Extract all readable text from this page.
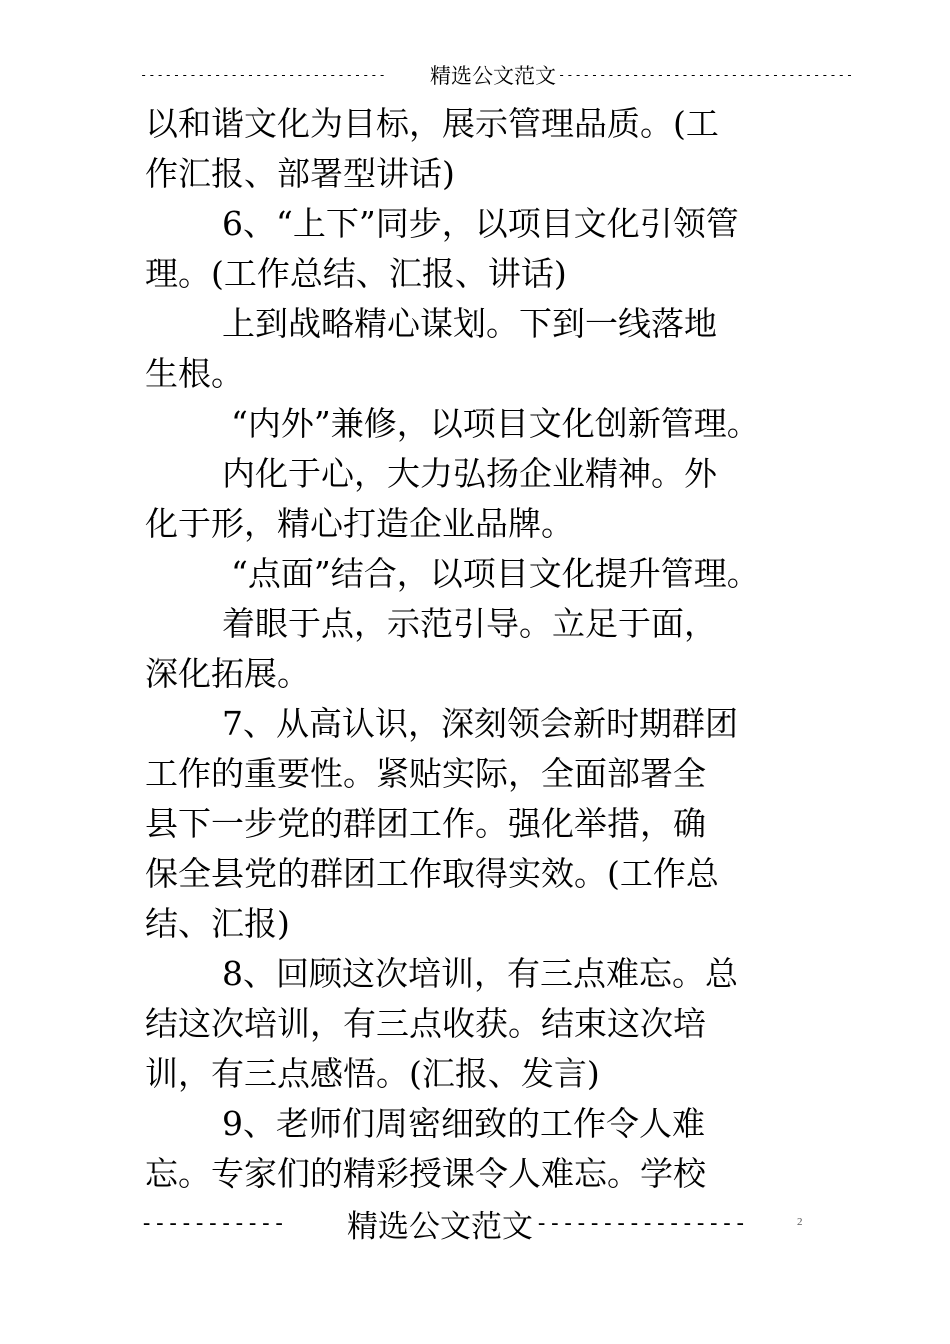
------------------------------	精选公文范文 ------------------------------------
以和谐文化为目标，展示管理品质。(工
作汇报、部署型讲话)
6、“上下”同步，以项目文化引领管
理。(工作总结、汇报、讲话)
上到战略精心谋划。下到一线落地
生根。
“内外”兼修，以项目文化创新管理。
内化于心，大力弘扬企业精神。外
化于形，精心打造企业品牌。
“点面”结合，以项目文化提升管理。
着眼于点，示范引导。立足于面，
深化拓展。
7、从高认识，深刻领会新时期群团
工作的重要性。紧贴实际，全面部署全
县下一步党的群团工作。强化举措，确
保全县党的群团工作取得实效。(工作总
结、汇报)
8、回顾这次培训，有三点难忘。总
结这次培训，有三点收获。结束这次培
训，有三点感悟。(汇报、发言)
9、老师们周密细致的工作令人难
忘。专家们的精彩授课令人难忘。学校
-----------	精选公文范文 ----------------	2
